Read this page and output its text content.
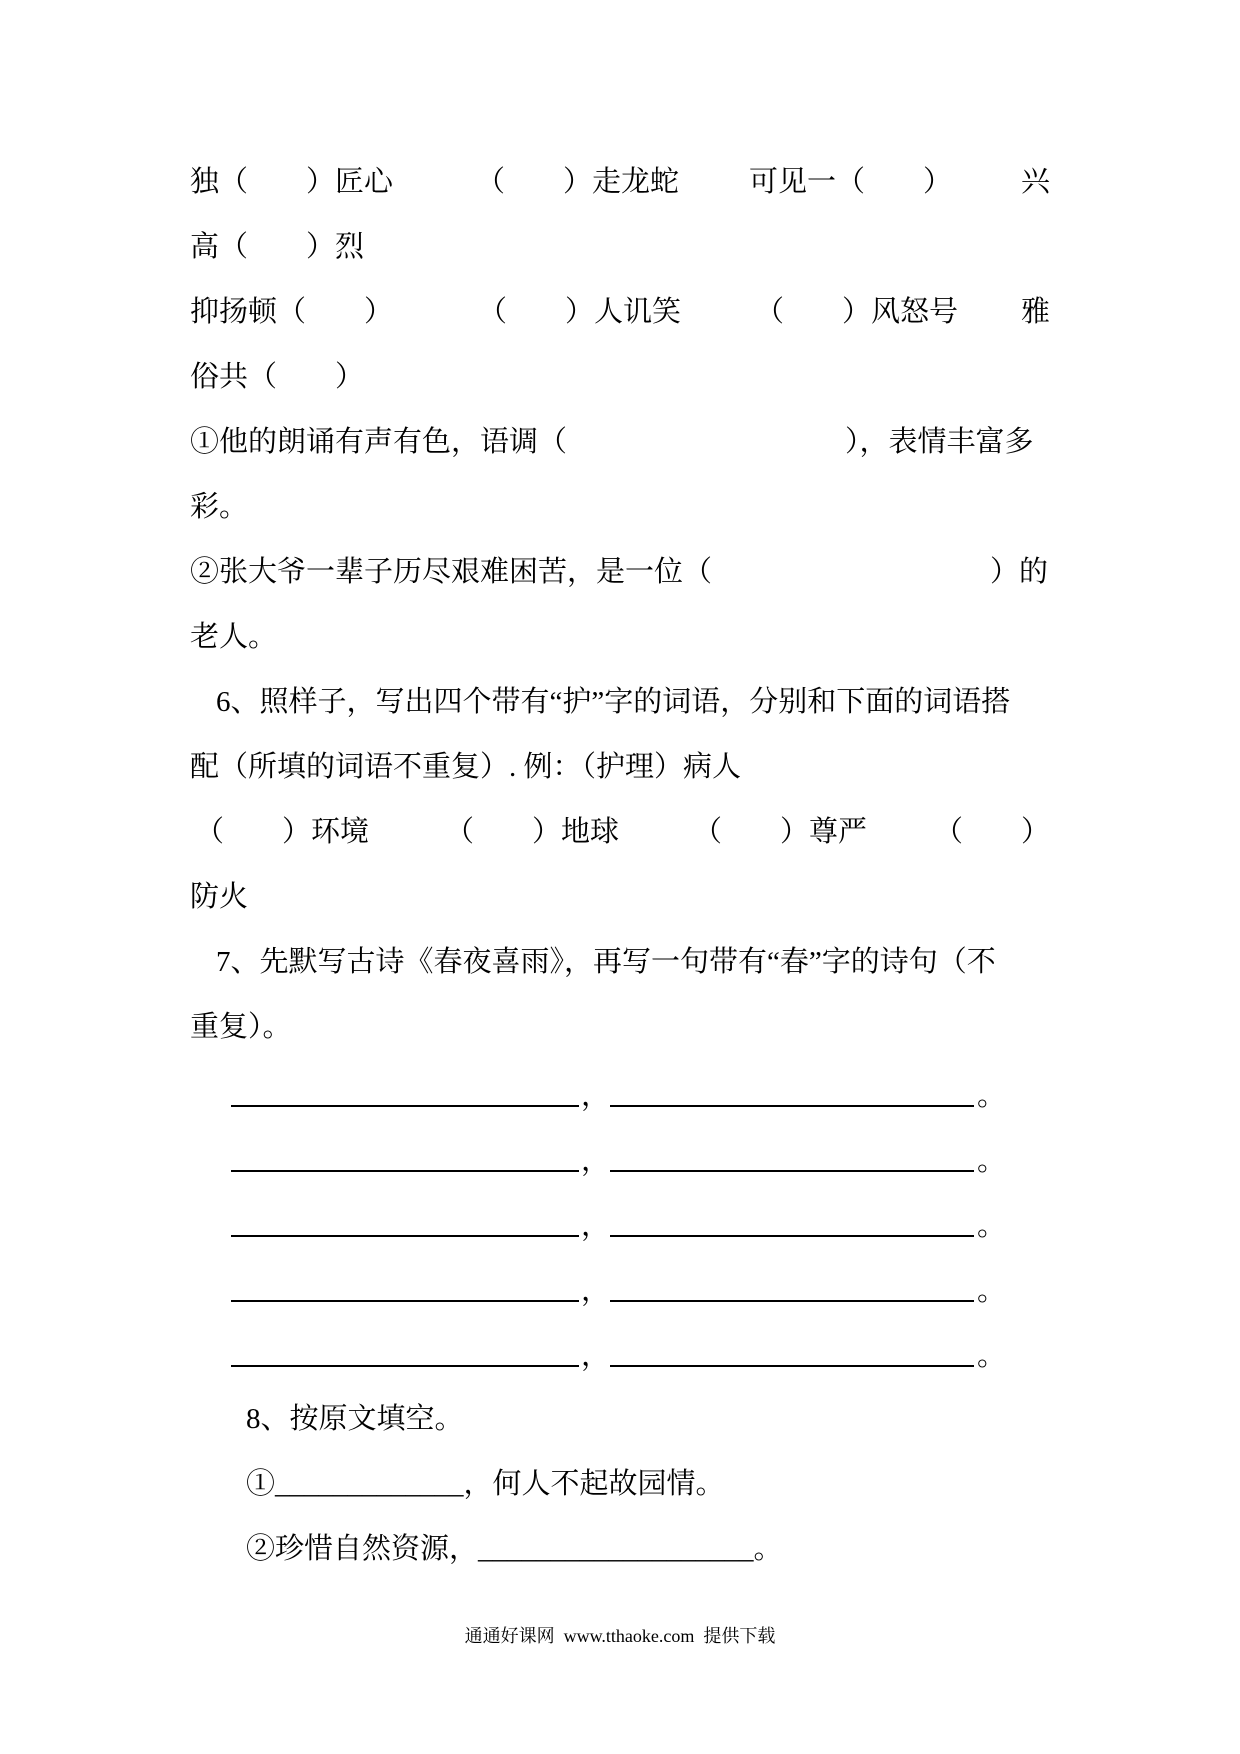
独（　　）匠心	（　　）走龙蛇 可见一（　　） 兴
高（　　）烈
抑扬顿（　　）	（　　）人讥笑	（　　）风怒号 雅
俗共（　　）
①他的朗诵有声有色，语调（	），表情丰富多
彩。
②张大爷一辈子历尽艰难困苦，是一位（	）的
老人。
6、照样子，写出四个带有“护”字的词语，分别和下面的词语搭
配（所填的词语不重复）. 例：（护理）病人
（　　）环境	（　　）地球	（　　）尊严 （　　）
防火
7、先默写古诗《春夜喜雨》，再写一句带有“春”字的诗句（不
重复）。
，	。
，	。
，	。
，	。
，	。
8、按原文填空。
①_____________，何人不起故园情。
②珍惜自然资源，___________________。
通通好课网  www.tthaoke.com  提供下载
